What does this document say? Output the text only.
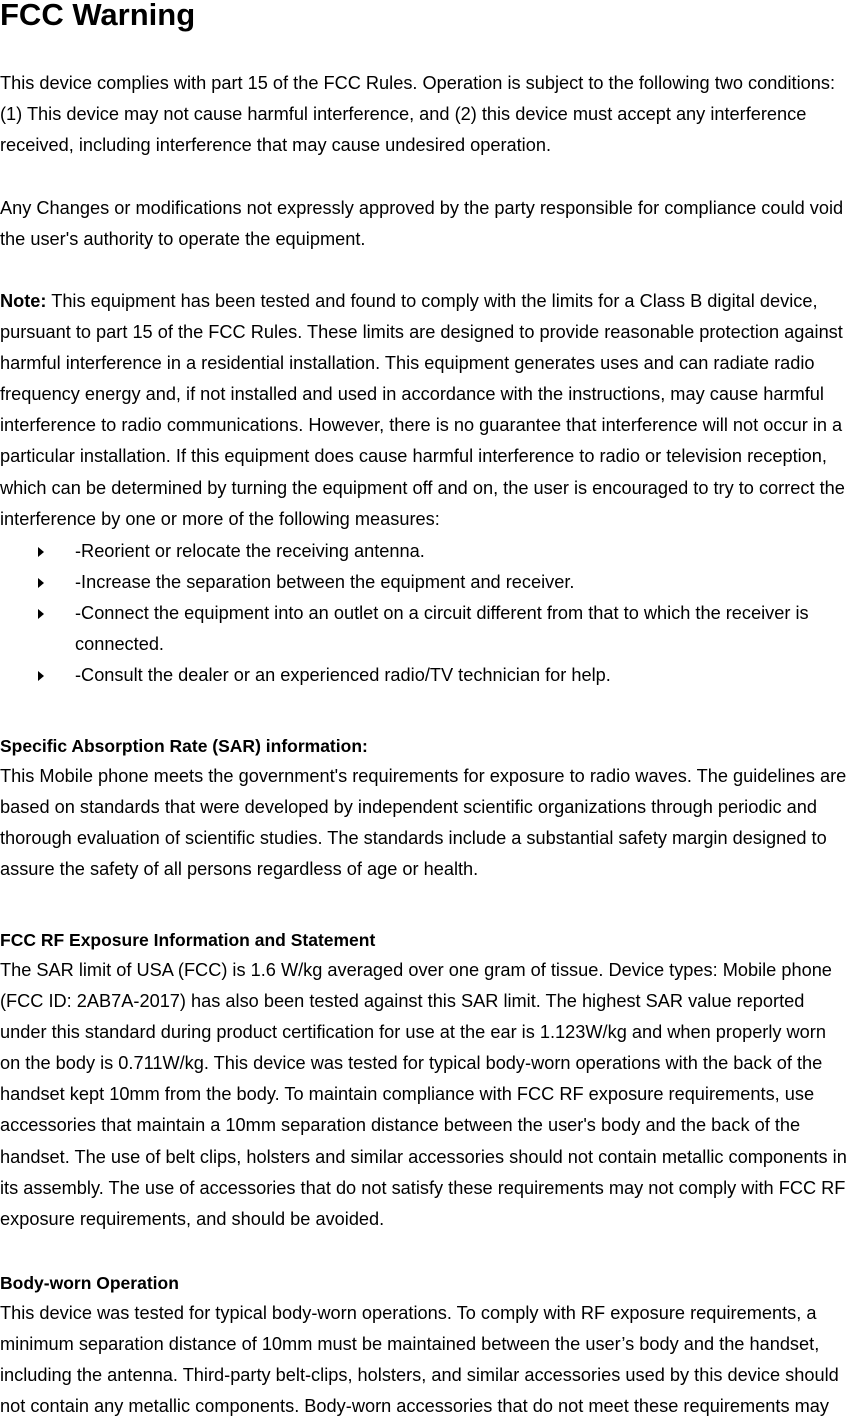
FCC Warning

This device complies with part 15 of the FCC Rules. Operation is subject to the following two conditions:
(1) This device may not cause harmful interference, and (2) this device must accept any interference
received, including interference that may cause undesired operation.

Any Changes or modifications not expressly approved by the party responsible for compliance could void
the user's authority to operate the equipment.

Note: This equipment has been tested and found to comply with the limits for a Class B digital device,
pursuant to part 15 of the FCC Rules. These limits are designed to provide reasonable protection against
harmful interference in a residential installation. This equipment generates uses and can radiate radio
frequency energy and, if not installed and used in accordance with the instructions, may cause harmful
interference to radio communications. However, there is no guarantee that interference will not occur in a
particular installation. If this equipment does cause harmful interference to radio or television reception,
which can be determined by turning the equipment off and on, the user is encouraged to try to correct the
interference by one or more of the following measures:

-Reorient or relocate the receiving antenna.
-Increase the separation between the equipment and receiver.
-Connect the equipment into an outlet on a circuit different from that to which the receiver is
connected.
-Consult the dealer or an experienced radio/TV technician for help.
Specific Absorption Rate (SAR) information:

This Mobile phone meets the government's requirements for exposure to radio waves. The guidelines are
based on standards that were developed by independent scientific organizations through periodic and
thorough evaluation of scientific studies. The standards include a substantial safety margin designed to
assure the safety of all persons regardless of age or health.

FCC RF Exposure Information and Statement

The SAR limit of USA (FCC) is 1.6 W/kg averaged over one gram of tissue. Device types: Mobile phone
(FCC ID: 2AB7A-2017) has also been tested against this SAR limit. The highest SAR value reported
under this standard during product certification for use at the ear is 1.123W/kg and when properly worn
on the body is 0.711W/kg. This device was tested for typical body-worn operations with the back of the
handset kept 10mm from the body. To maintain compliance with FCC RF exposure requirements, use
accessories that maintain a 10mm separation distance between the user's body and the back of the
handset. The use of belt clips, holsters and similar accessories should not contain metallic components in
its assembly. The use of accessories that do not satisfy these requirements may not comply with FCC RF
exposure requirements, and should be avoided.

Body-worn Operation

This device was tested for typical body-worn operations. To comply with RF exposure requirements, a
minimum separation distance of 10mm must be maintained between the user’s body and the handset,
including the antenna. Third-party belt-clips, holsters, and similar accessories used by this device should
not contain any metallic components. Body-worn accessories that do not meet these requirements may
